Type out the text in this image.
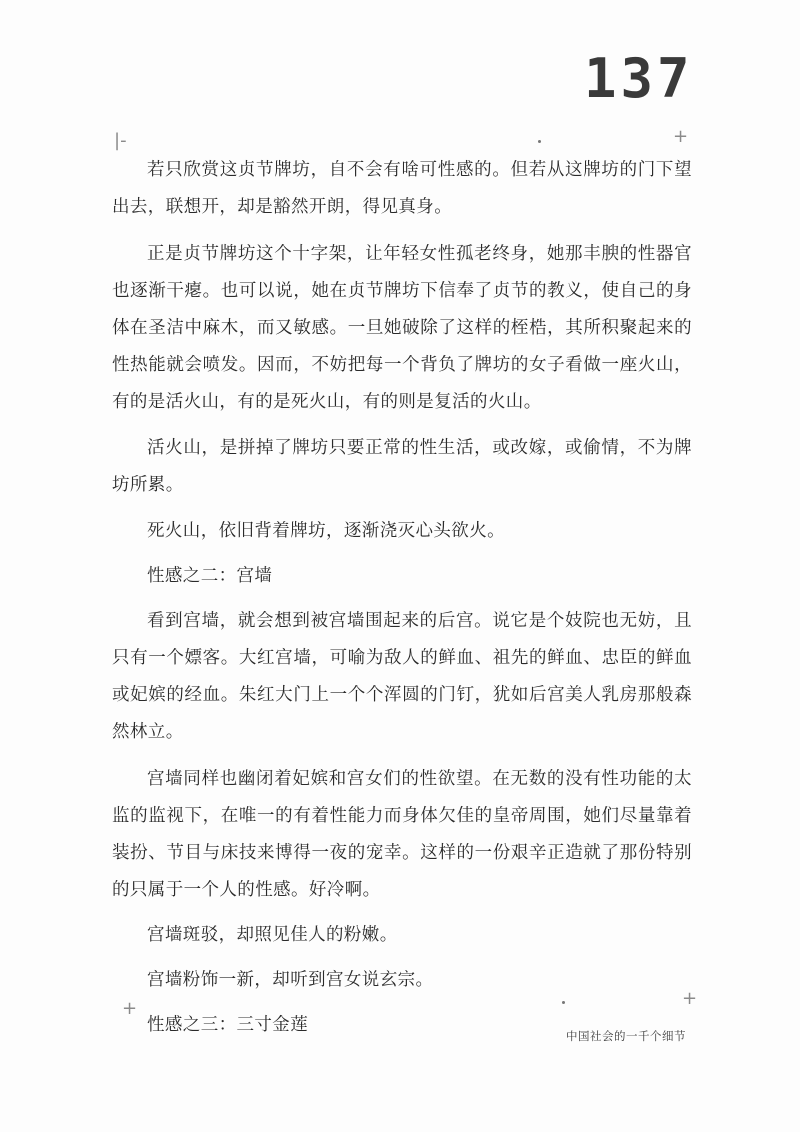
137
|-	+
+	+

若只欣赏这贞节牌坊，自不会有啥可性感的。但若从这牌坊的门下望出去，联想开，却是豁然开朗，得见真身。

正是贞节牌坊这个十字架，让年轻女性孤老终身，她那丰腴的性器官也逐渐干瘪。也可以说，她在贞节牌坊下信奉了贞节的教义，使自己的身体在圣洁中麻木，而又敏感。一旦她破除了这样的桎梏，其所积聚起来的性热能就会喷发。因而，不妨把每一个背负了牌坊的女子看做一座火山，有的是活火山，有的是死火山，有的则是复活的火山。

活火山，是拼掉了牌坊只要正常的性生活，或改嫁，或偷情，不为牌坊所累。

死火山，依旧背着牌坊，逐渐浇灭心头欲火。

性感之二：宫墙

看到宫墙，就会想到被宫墙围起来的后宫。说它是个妓院也无妨，且只有一个嫖客。大红宫墙，可喻为敌人的鲜血、祖先的鲜血、忠臣的鲜血或妃嫔的经血。朱红大门上一个个浑圆的门钉，犹如后宫美人乳房那般森然林立。

宫墙同样也幽闭着妃嫔和宫女们的性欲望。在无数的没有性功能的太监的监视下，在唯一的有着性能力而身体欠佳的皇帝周围，她们尽量靠着装扮、节目与床技来博得一夜的宠幸。这样的一份艰辛正造就了那份特别的只属于一个人的性感。好冷啊。

宫墙斑驳，却照见佳人的粉嫩。

宫墙粉饰一新，却听到宫女说玄宗。

性感之三：三寸金莲

中国社会的一千个细节
